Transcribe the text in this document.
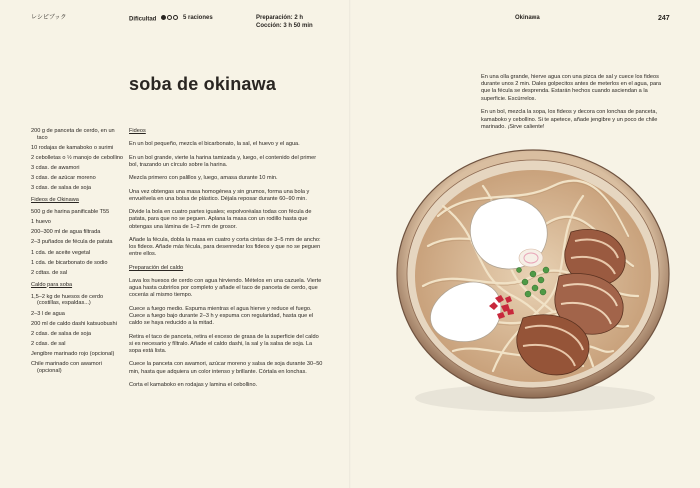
レシピブック	Dificultad	5 raciones	Preparación: 2 h
Cocción: 3 h 50 min
Okinawa	247
soba de okinawa
200 g de panceta de cerdo, en un taco
10 rodajas de kamaboko o surimi
2 cebolletas o ½ manojo de cebollino
3 cdas. de awamori
3 cdas. de azúcar moreno
3 cdas. de salsa de soja
Fideos de Okinawa
500 g de harina panificable T55
1 huevo
200–300 ml de agua filtrada
2–3 puñados de fécula de patata
1 cda. de aceite vegetal
1 cda. de bicarbonato de sodio
2 cdtas. de sal
Caldo para soba
1,5–2 kg de huesos de cerdo (costillas, espaldas...)
2–3 l de agua
200 ml de caldo dashi katsuobushi
2 cdas. de salsa de soja
2 cdas. de sal
Jengibre marinado rojo (opcional)
Chile marinado con awamori (opcional)
Fideos

En un bol pequeño, mezcla el bicarbonato, la sal, el huevo y el agua.

En un bol grande, vierte la harina tamizada y, luego, el contenido del primer bol, trazando un círculo sobre la harina.

Mezcla primero con palillos y, luego, amasa durante 10 min.

Una vez obtengas una masa homogénea y sin grumos, forma una bola y envuélvela en una bolsa de plástico. Déjala reposar durante 60–90 min.

Divide la bola en cuatro partes iguales; espolvoréalas todas con fécula de patata, para que no se peguen. Aplana la masa con un rodillo hasta que obtengas una lámina de 1–2 mm de grosor.

Añade la fécula, dobla la masa en cuatro y corta cintas de 3–5 mm de ancho: los fideos. Añade más fécula, para desenredar los fideos y que no se peguen entre ellos.

Preparación del caldo

Lava los huesos de cerdo con agua hirviendo. Mételos en una cazuela. Vierte agua hasta cubrirlos por completo y añade el taco de panceta de cerdo, que cocerás al mismo tiempo.

Cuece a fuego medio. Espuma mientras el agua hierve y reduce el fuego. Cuece a fuego bajo durante 2–3 h y espuma con regularidad, hasta que el caldo se haya reducido a la mitad.

Retira el taco de panceta, retira el exceso de grasa de la superficie del caldo si es necesario y fíltralo. Añade el caldo dashi, la sal y la salsa de soja. La sopa está lista.

Cuece la panceta con awamori, azúcar moreno y salsa de soja durante 30–50 min, hasta que adquiera un color intenso y brillante. Córtala en lonchas.

Corta el kamaboko en rodajas y lamina el cebollino.

En una olla grande, hierve agua con una pizca de sal y cuece los fideos durante unos 2 min. Dales golpecitos antes de meterlos en el agua, para que la fécula se desprenda. Estarán hechos cuando asciendan a la superficie. Escúrrelos.

En un bol, mezcla la sopa, los fideos y decora con lonchas de panceta, kamaboko y cebollino. Si te apetece, añade jengibre y un poco de chile marinado. ¡Sirve caliente!
